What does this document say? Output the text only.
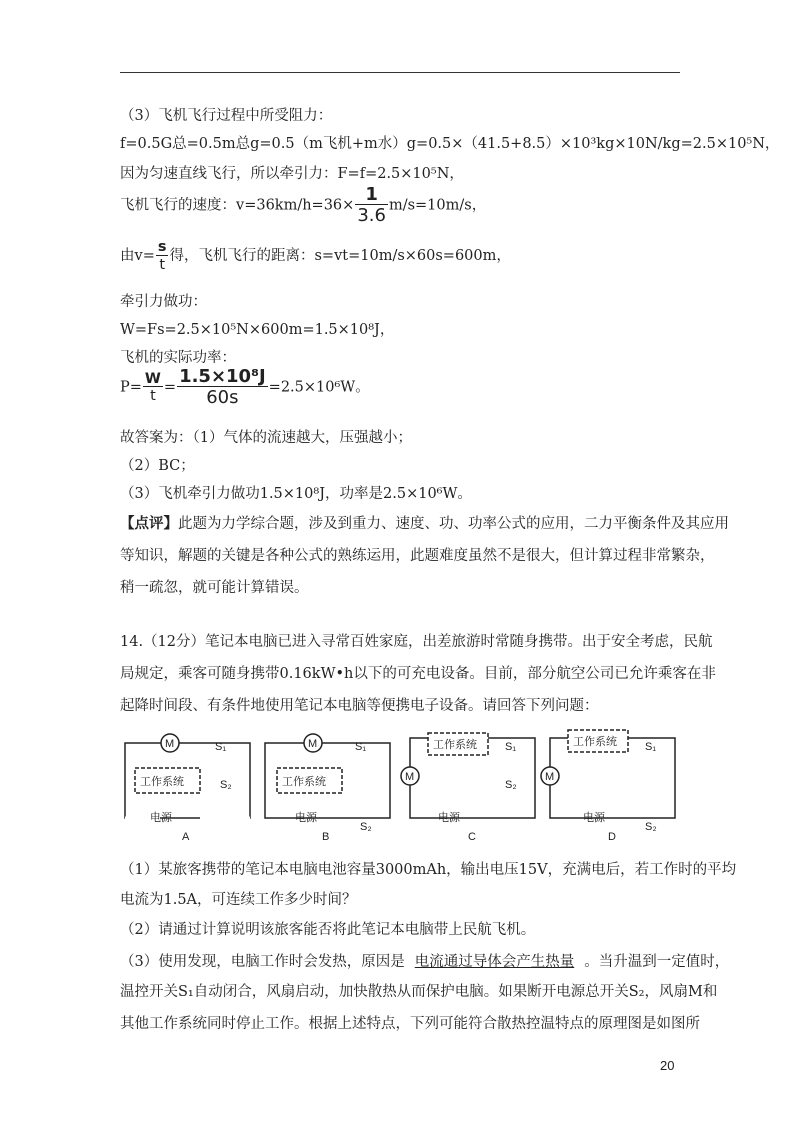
（3）飞机飞行过程中所受阻力：
f=0.5G总=0.5m总g=0.5（m飞机+m水）g=0.5×（41.5+8.5）×10³kg×10N/kg=2.5×10⁵N，
因为匀速直线飞行，所以牵引力：F=f=2.5×10⁵N，
飞机飞行的速度：$v=36km/h=36\times \frac{1}{3.6} m/s=10m/s$，
由$v= \frac{s}{t}$ 得，飞机飞行的距离：s=vt=10m/s×60s=600m，
牵引力做功：
W=Fs=2.5×10⁵N×600m=1.5×10⁸J，
飞机的实际功率：
$P= \frac{W}{t} = \frac{\text{1.5×10⁸J}}{60s} =2.5\times 10^6W$。
故答案为：（1）气体的流速越大，压强越小；
（2）BC；
（3）飞机牵引力做功1.5×10⁸J，功率是2.5×10⁶W。
【点评】此题为力学综合题，涉及到重力、速度、功、功率公式的应用，二力平衡条件及其应用
等知识，解题的关键是各种公式的熟练运用，此题难度虽然不是很大，但计算过程非常繁杂，
稍一疏忽，就可能计算错误。
14.（12分）笔记本电脑已进入寻常百姓家庭，出差旅游时常随身携带。出于安全考虑，民航
局规定，乘客可随身携带0.16kW•h以下的可充电设备。目前，部分航空公司已允许乘客在非
起降时间段、有条件地使用笔记本电脑等便携电子设备。请回答下列问题：
M	M
M	M
工作系统	工作系统
工作系统	工作系统
电源	电源	电源	电源
S₁	S₁	S₁	S₁
S₂
S₂
S₂
S₂
A	B	C	D
（1）某旅客携带的笔记本电脑电池容量3000mAh，输出电压15V，充满电后，若工作时的平均
电流为1.5A，可连续工作多少时间？
（2）请通过计算说明该旅客能否将此笔记本电脑带上民航飞机。
（3）使用发现，电脑工作时会发热，原因是 电流通过导体会产生热量 。当升温到一定值时，
温控开关S₁自动闭合，风扇启动，加快散热从而保护电脑。如果断开电源总开关S₂，风扇M和
其他工作系统同时停止工作。根据上述特点，下列可能符合散热控温特点的原理图是如图所
20
